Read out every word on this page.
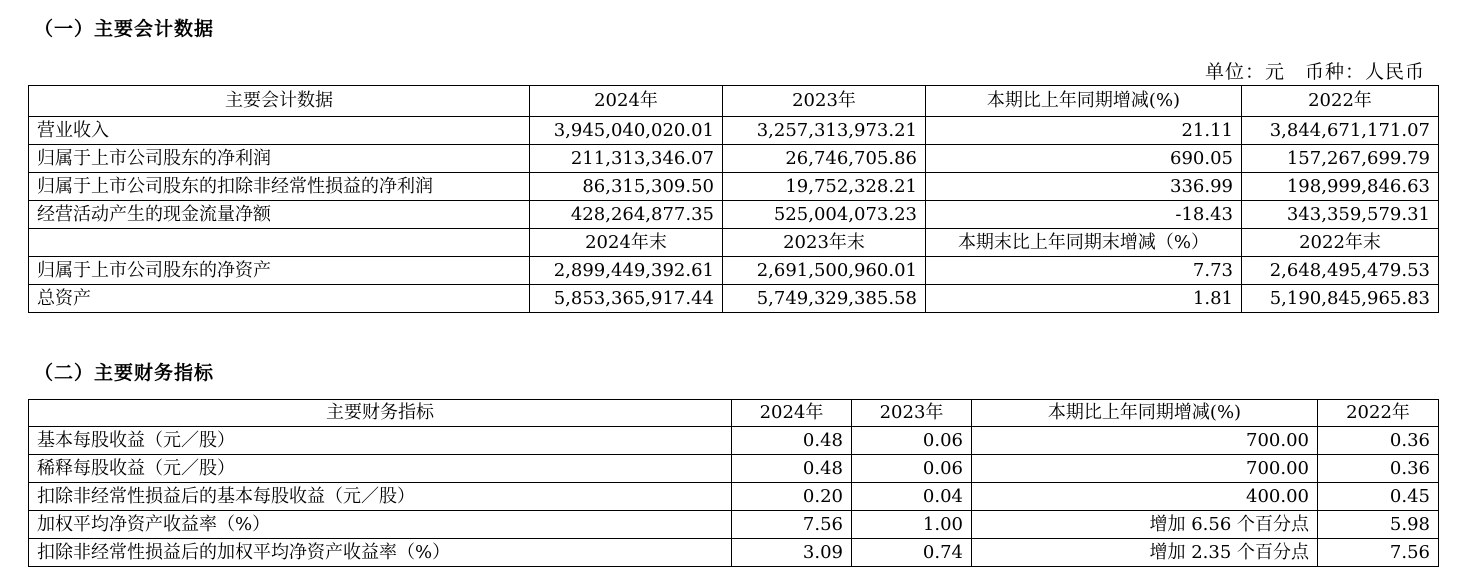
（一）主要会计数据
单位：元　币种：人民币
主要会计数据	2024年	2023年	本期比上年同期增减(%)	2022年
营业收入	3,945,040,020.01	3,257,313,973.21	21.11	3,844,671,171.07
归属于上市公司股东的净利润	211,313,346.07	26,746,705.86	690.05	157,267,699.79
归属于上市公司股东的扣除非经常性损益的净利润	86,315,309.50	19,752,328.21	336.99	198,999,846.63
经营活动产生的现金流量净额	428,264,877.35	525,004,073.23	-18.43	343,359,579.31
	2024年末	2023年末	本期末比上年同期末增减（%）	2022年末
归属于上市公司股东的净资产	2,899,449,392.61	2,691,500,960.01	7.73	2,648,495,479.53
总资产	5,853,365,917.44	5,749,329,385.58	1.81	5,190,845,965.83
（二）主要财务指标
主要财务指标	2024年	2023年	本期比上年同期增减(%)	2022年
基本每股收益（元／股）	0.48	0.06	700.00	0.36
稀释每股收益（元／股）	0.48	0.06	700.00	0.36
扣除非经常性损益后的基本每股收益（元／股）	0.20	0.04	400.00	0.45
加权平均净资产收益率（%）	7.56	1.00	增加 6.56 个百分点	5.98
扣除非经常性损益后的加权平均净资产收益率（%）	3.09	0.74	增加 2.35 个百分点	7.56
